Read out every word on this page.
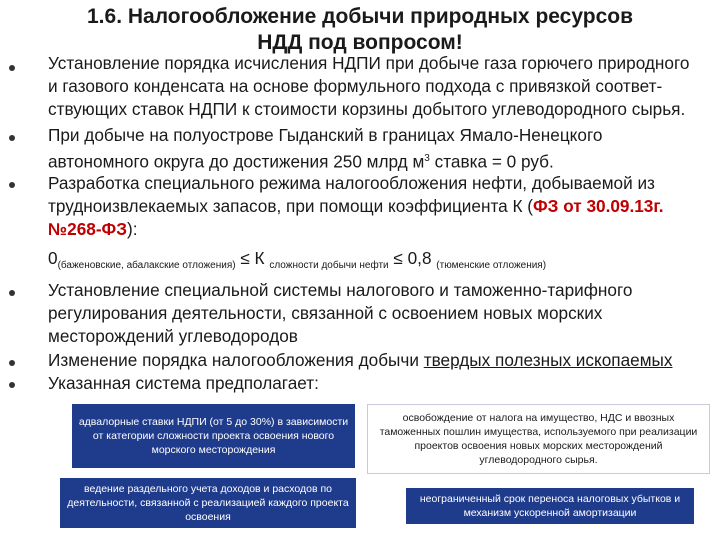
1.6. Налогообложение добычи природных ресурсов
НДД под вопросом!
Установление порядка исчисления НДПИ при добыче газа горючего природного
и газового конденсата на основе формульного подхода с привязкой соответ-
ствующих ставок НДПИ к стоимости корзины добытого углеводородного сырья.
При добыче на полуострове Гыданский в границах Ямало-Ненецкого
автономного округа до достижения 250 млрд $м^3$ ставка = 0 руб.
Разработка специального режима налогообложения нефти, добываемой из
трудноизвлекаемых запасов, при помощи коэффициента К (ФЗ от 30.09.13г.
№268-ФЗ):
$0_{(баженовские, абалакские отложения)} \le К$ $_{сложности добычи нефти}$ ≤ 0,8 $_{(тюменские отложения)}$
Установление специальной системы налогового и таможенно-тарифного
регулирования деятельности, связанной с освоением новых морских
месторождений углеводородов
Изменение порядка налогообложения добычи твердых полезных ископаемых
Указанная система предполагает:
адвалорные ставки НДПИ (от 5 до 30%) в зависимости от категории сложности проекта освоения нового морского месторождения
освобождение от налога на имущество, НДС и ввозных таможенных пошлин имущества, используемого при реализации проектов освоения новых морских месторождений углеводородного сырья.
ведение раздельного учета доходов и расходов по деятельности, связанной с реализацией каждого проекта освоения
неограниченный срок переноса налоговых убытков и механизм ускоренной амортизации
